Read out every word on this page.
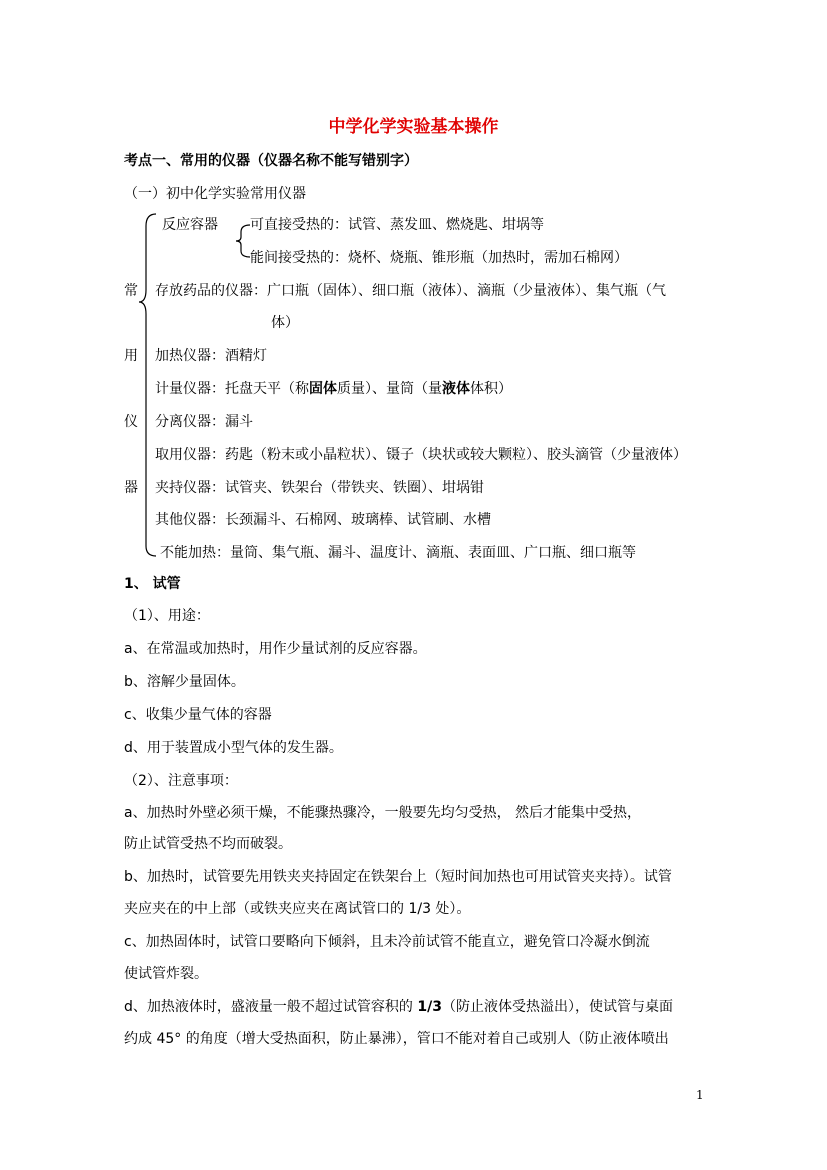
中学化学实验基本操作
考点一、常用的仪器（仪器名称不能写错别字）
（一）初中化学实验常用仪器
反应容器 可直接受热的：试管、蒸发皿、燃烧匙、坩埚等
能间接受热的：烧杯、烧瓶、锥形瓶（加热时，需加石棉网）
常 存放药品的仪器：广口瓶（固体）、细口瓶（液体）、滴瓶（少量液体）、集气瓶（气
体）
用 加热仪器：酒精灯
计量仪器：托盘天平（称固体质量）、量筒（量液体体积）
仪 分离仪器：漏斗
取用仪器：药匙（粉末或小晶粒状）、镊子（块状或较大颗粒）、胶头滴管（少量液体）
器 夹持仪器：试管夹、铁架台（带铁夹、铁圈）、坩埚钳
其他仪器：长颈漏斗、石棉网、玻璃棒、试管刷、水槽
不能加热：量筒、集气瓶、漏斗、温度计、滴瓶、表面皿、广口瓶、细口瓶等
1、 试管
（1）、用途：
a、在常温或加热时，用作少量试剂的反应容器。
b、溶解少量固体。
c、收集少量气体的容器
d、用于装置成小型气体的发生器。
（2）、注意事项：
a、加热时外壁必须干燥，不能骤热骤冷，一般要先均匀受热， 然后才能集中受热，
防止试管受热不均而破裂。
b、加热时，试管要先用铁夹夹持固定在铁架台上（短时间加热也可用试管夹夹持）。试管
夹应夹在的中上部（或铁夹应夹在离试管口的 1/3 处）。
c、加热固体时，试管口要略向下倾斜，且未冷前试管不能直立，避免管口冷凝水倒流
使试管炸裂。
d、加热液体时，盛液量一般不超过试管容积的 1/3（防止液体受热溢出），使试管与桌面
约成 45° 的角度（增大受热面积，防止暴沸），管口不能对着自己或别人（防止液体喷出
1
